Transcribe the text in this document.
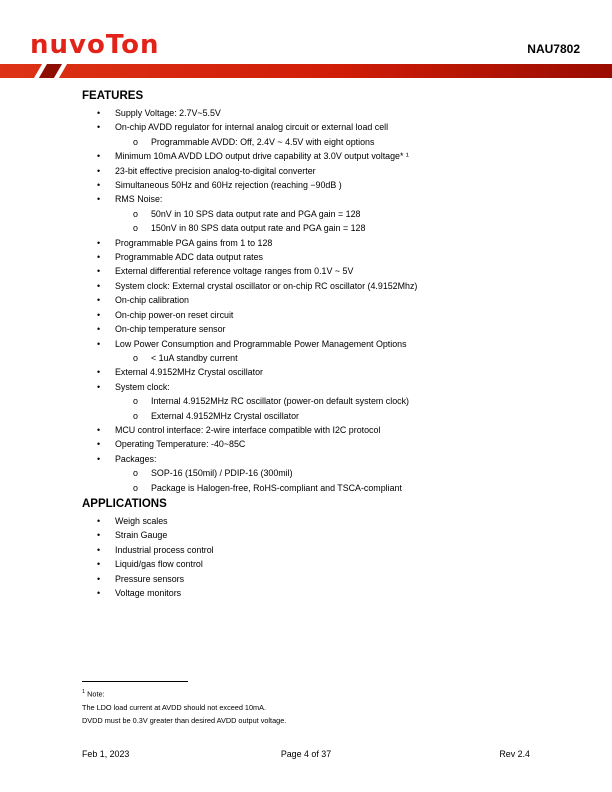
nuvoTon	NAU7802
FEATURES
•	Supply Voltage: 2.7V~5.5V
•	On-chip AVDD regulator for internal analog circuit or external load cell
o	Programmable AVDD: Off, 2.4V ~ 4.5V with eight options
•	Minimum 10mA AVDD LDO output drive capability at 3.0V output voltage* ¹
•	23-bit effective precision analog-to-digital converter
•	Simultaneous 50Hz and 60Hz rejection (reaching −90dB )
•	RMS Noise:
o	50nV in 10 SPS data output rate and PGA gain = 128
o	150nV in 80 SPS data output rate and PGA gain = 128
•	Programmable PGA gains from 1 to 128
•	Programmable ADC data output rates
•	External differential reference voltage ranges from 0.1V ~ 5V
•	System clock: External crystal oscillator or on-chip RC oscillator (4.9152Mhz)
•	On-chip calibration
•	On-chip power-on reset circuit
•	On-chip temperature sensor
•	Low Power Consumption and Programmable Power Management Options
o	< 1uA standby current
•	External 4.9152MHz Crystal oscillator
•	System clock:
o	Internal 4.9152MHz RC oscillator (power-on default system clock)
o	External 4.9152MHz Crystal oscillator
•	MCU control interface: 2-wire interface compatible with I2C protocol
•	Operating Temperature: -40~85C
•	Packages:
o	SOP-16 (150mil) / PDIP-16 (300mil)
o	Package is Halogen-free, RoHS-compliant and TSCA-compliant
APPLICATIONS
•	Weigh scales
•	Strain Gauge
•	Industrial process control
•	Liquid/gas flow control
•	Pressure sensors
•	Voltage monitors
$^1$ Note:
The LDO load current at AVDD should not exceed 10mA.
DVDD must be 0.3V greater than desired AVDD output voltage.
Feb 1, 2023	Page 4 of 37	Rev 2.4
